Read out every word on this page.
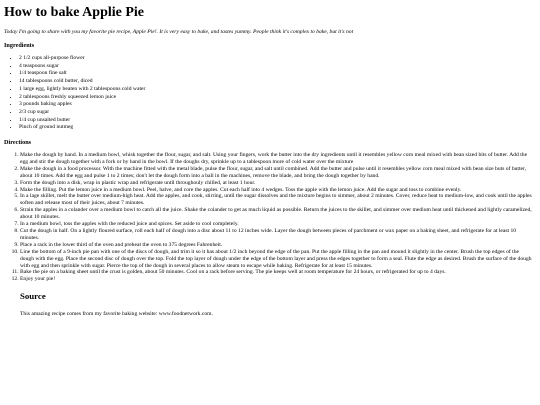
How to bake Applie Pie

Today I'm going to share with you my favorite pie recipe, Apple Pie!. It is very easy to bake, and tastes yummy. People think it's complex to bake, but it's not

Ingredients
• 2 1/2 cups all-purpose flower
• 4 teaspoons sugar
• 1/4 teaspoon fine salt
• 14 tablespoons cold butter, diced
• 1 large egg, lightly beaten with 2 tablespoons cold water
• 2 tablespoons freshly squeezed lemon juice
• 3 pounds baking apples
• 2/3 cup sugar
• 1/4 cup unsalted butter
• Pinch of ground nutmeg
Directions
1. Make the dough by hand. In a medium bowl, whisk together the flour, sugar, and salt. Using your fingers, work the butter into the dry ingredients until it resembles yellow corn meal mixed with bean sized bits of butter. Add the egg and stir the dough together with a fork or by hand in the bowl. If the doughs dry, sprinkle up to a tablespoon more of cold water over the mixture
2. Make the dough in a food processor. With the machine fitted with the metal blade, pulse the flour, sugar, and salt until combined. Add the butter and pulse until it resembles yellow corn meal mixed with bean size buts of butter, about 10 times. Add the egg and pulse 1 to 2 times; don't let the dough form into a ball in the machines, remove the blade, and bring the dough together by hand.
3. Form the dough into a disk, wrap in plastic wrap and refrigerate until throughouly chilled, at least 1 hour.
4. Make the filling. Put the lemon juice in a medium bowl. Peel, halve, and core the apples. Cut each half into 4 wedges. Toss the apple with the lemon juice. Add the sugar and toss to combine evenly.
5. In a lage skillet, melt the butter over medium-high heat. Add the apples, and cook, stirring, until the sugar dissolves and the mixture begins to simmer, about 2 minutes. Cover, reduce heat to medium-low, and cook until the apples soften and release most of their juices, about 7 minutes.
6. Strain the apples in a colander over a medium bowl to catch all the juice. Shake the colander to get as much liquid as possible. Return the juices to the skillet, and simmer over medium heat until thickened and lightly caramelized, about 10 minutes.
7. In a medium bowl, toss the apples with the reduced juice and spices. Set aside to cool completely.
8. Cut the dough in half. On a lightly floured surface, roll each half of dough into a disc about 11 to 12 inches wide. Layer the dough between pieces of parchment or wax paper on a baking sheet, and refrigerate for at least 10 minutes.
9. Place a rack in the lower third of the oven and preheat the oven to 375 degrees Fahrenheit.
10. Line the bottom of a 9-inch pie pan with one of the discs of dough, and trim it so it has about 1/2 inch beyond the edge of the pan. Put the apple filling in the pan and mound it slightly in the center. Brush the top edges of the dough with the egg. Place the second disc of dough over the top. Fold the top layer of dough under the edge of the bottom layer and press the edges together to form a seal. Flute the edge as desired. Brush the surface of the dough with egg and then sprinkle with sugar. Pierce the top of the dough in several places to allow steam to escape while baking. Refrigerate for at least 15 minutes.
11. Bake the pie on a baking sheet until the crust is golden, about 50 minutes. Cool on a rack before serving. The pie keeps well at room temperature for 24 hours, or refrigerated for up to 4 days.
12. Enjoy your pie!
Source

This amazing recipe comes from my favorite baking website: www.foodnetwork.com.
